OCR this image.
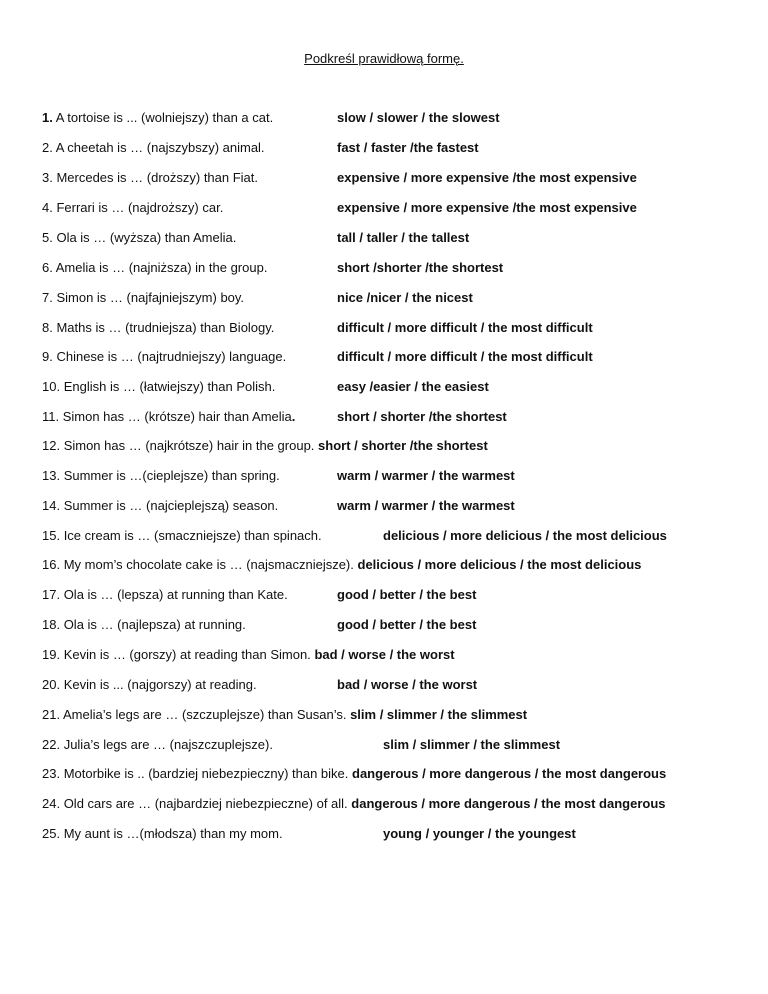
Podkreśl prawidłową formę.
1. A tortoise is ... (wolniejszy) than a cat.	slow / slower / the slowest
2. A cheetah is … (najszybszy) animal.	fast / faster /the fastest
3. Mercedes is … (droższy) than Fiat.	expensive / more expensive /the most expensive
4. Ferrari is … (najdroższy) car.	expensive / more expensive /the most expensive
5. Ola is … (wyższa) than Amelia.	tall / taller / the tallest
6. Amelia is … (najniższa) in the group.	short /shorter /the shortest
7. Simon is … (najfajniejszym) boy.	nice /nicer / the nicest
8. Maths is … (trudniejsza) than Biology.	difficult / more difficult / the most difficult
9. Chinese is … (najtrudniejszy) language.	difficult / more difficult / the most difficult
10. English is … (łatwiejszy) than Polish.	easy /easier / the easiest
11. Simon has … (krótsze) hair than Amelia.	short / shorter /the shortest
12. Simon has … (najkrótsze) hair in the group. short / shorter /the shortest
13. Summer is …(cieplejsze) than spring.	warm / warmer / the warmest
14. Summer is … (najcieplejszą) season.	warm / warmer / the warmest
15. Ice cream is … (smaczniejsze) than spinach.	delicious / more delicious / the most delicious
16. My mom’s chocolate cake is … (najsmaczniejsze). delicious / more delicious / the most delicious
17. Ola is … (lepsza) at running than Kate.	good / better / the best
18. Ola is … (najlepsza) at running.	good / better / the best
19. Kevin is … (gorszy) at reading than Simon. bad / worse / the worst
20. Kevin is ... (najgorszy) at reading.	bad / worse / the worst
21. Amelia’s legs are … (szczuplejsze) than Susan’s. slim / slimmer / the slimmest
22. Julia’s legs are … (najszczuplejsze).	slim / slimmer / the slimmest
23. Motorbike is .. (bardziej niebezpieczny) than bike. dangerous / more dangerous / the most dangerous
24. Old cars are … (najbardziej niebezpieczne) of all. dangerous / more dangerous / the most dangerous
25. My aunt is …(młodsza) than my mom.	young / younger / the youngest
